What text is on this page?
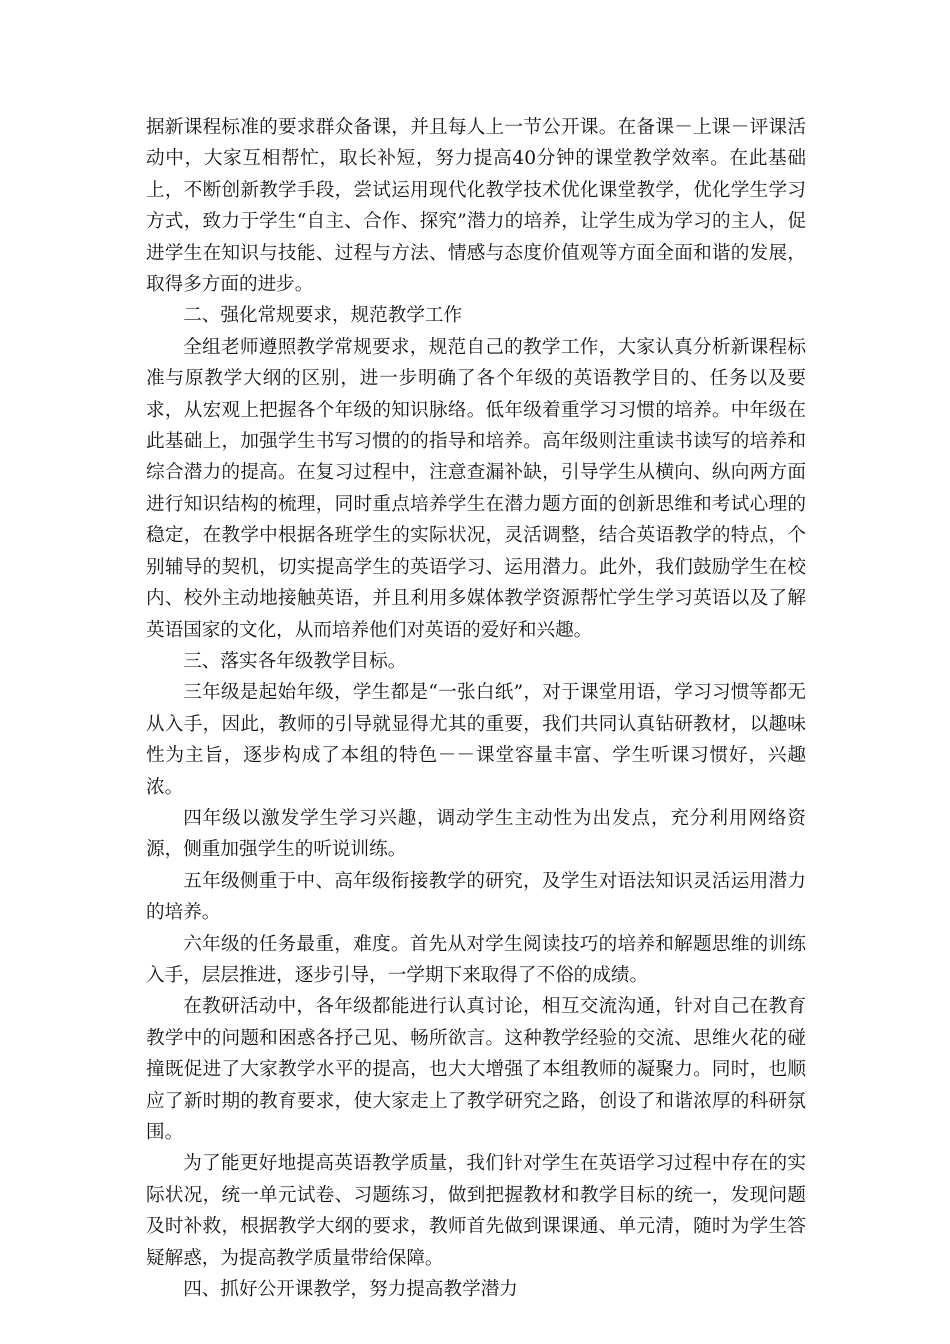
据新课程标准的要求群众备课，并且每人上一节公开课。在备课－上课－评课活动中，大家互相帮忙，取长补短，努力提高40分钟的课堂教学效率。在此基础上，不断创新教学手段，尝试运用现代化教学技术优化课堂教学，优化学生学习方式，致力于学生“自主、合作、探究”潜力的培养，让学生成为学习的主人，促进学生在知识与技能、过程与方法、情感与态度价值观等方面全面和谐的发展，取得多方面的进步。

二、强化常规要求，规范教学工作

全组老师遵照教学常规要求，规范自己的教学工作，大家认真分析新课程标准与原教学大纲的区别，进一步明确了各个年级的英语教学目的、任务以及要求，从宏观上把握各个年级的知识脉络。低年级着重学习习惯的培养。中年级在此基础上，加强学生书写习惯的的指导和培养。高年级则注重读书读写的培养和综合潜力的提高。在复习过程中，注意查漏补缺，引导学生从横向、纵向两方面进行知识结构的梳理，同时重点培养学生在潜力题方面的创新思维和考试心理的稳定，在教学中根据各班学生的实际状况，灵活调整，结合英语教学的特点，个别辅导的契机，切实提高学生的英语学习、运用潜力。此外，我们鼓励学生在校内、校外主动地接触英语，并且利用多媒体教学资源帮忙学生学习英语以及了解英语国家的文化，从而培养他们对英语的爱好和兴趣。

三、落实各年级教学目标。

三年级是起始年级，学生都是“一张白纸”，对于课堂用语，学习习惯等都无从入手，因此，教师的引导就显得尤其的重要，我们共同认真钻研教材，以趣味性为主旨，逐步构成了本组的特色－－课堂容量丰富、学生听课习惯好，兴趣浓。

四年级以激发学生学习兴趣，调动学生主动性为出发点，充分利用网络资源，侧重加强学生的听说训练。

五年级侧重于中、高年级衔接教学的研究，及学生对语法知识灵活运用潜力的培养。

六年级的任务最重，难度。首先从对学生阅读技巧的培养和解题思维的训练入手，层层推进，逐步引导，一学期下来取得了不俗的成绩。

在教研活动中，各年级都能进行认真讨论，相互交流沟通，针对自己在教育教学中的问题和困惑各抒己见、畅所欲言。这种教学经验的交流、思维火花的碰撞既促进了大家教学水平的提高，也大大增强了本组教师的凝聚力。同时，也顺应了新时期的教育要求，使大家走上了教学研究之路，创设了和谐浓厚的科研氛围。

为了能更好地提高英语教学质量，我们针对学生在英语学习过程中存在的实际状况，统一单元试卷、习题练习，做到把握教材和教学目标的统一，发现问题及时补救，根据教学大纲的要求，教师首先做到课课通、单元清，随时为学生答疑解惑，为提高教学质量带给保障。

四、抓好公开课教学，努力提高教学潜力
